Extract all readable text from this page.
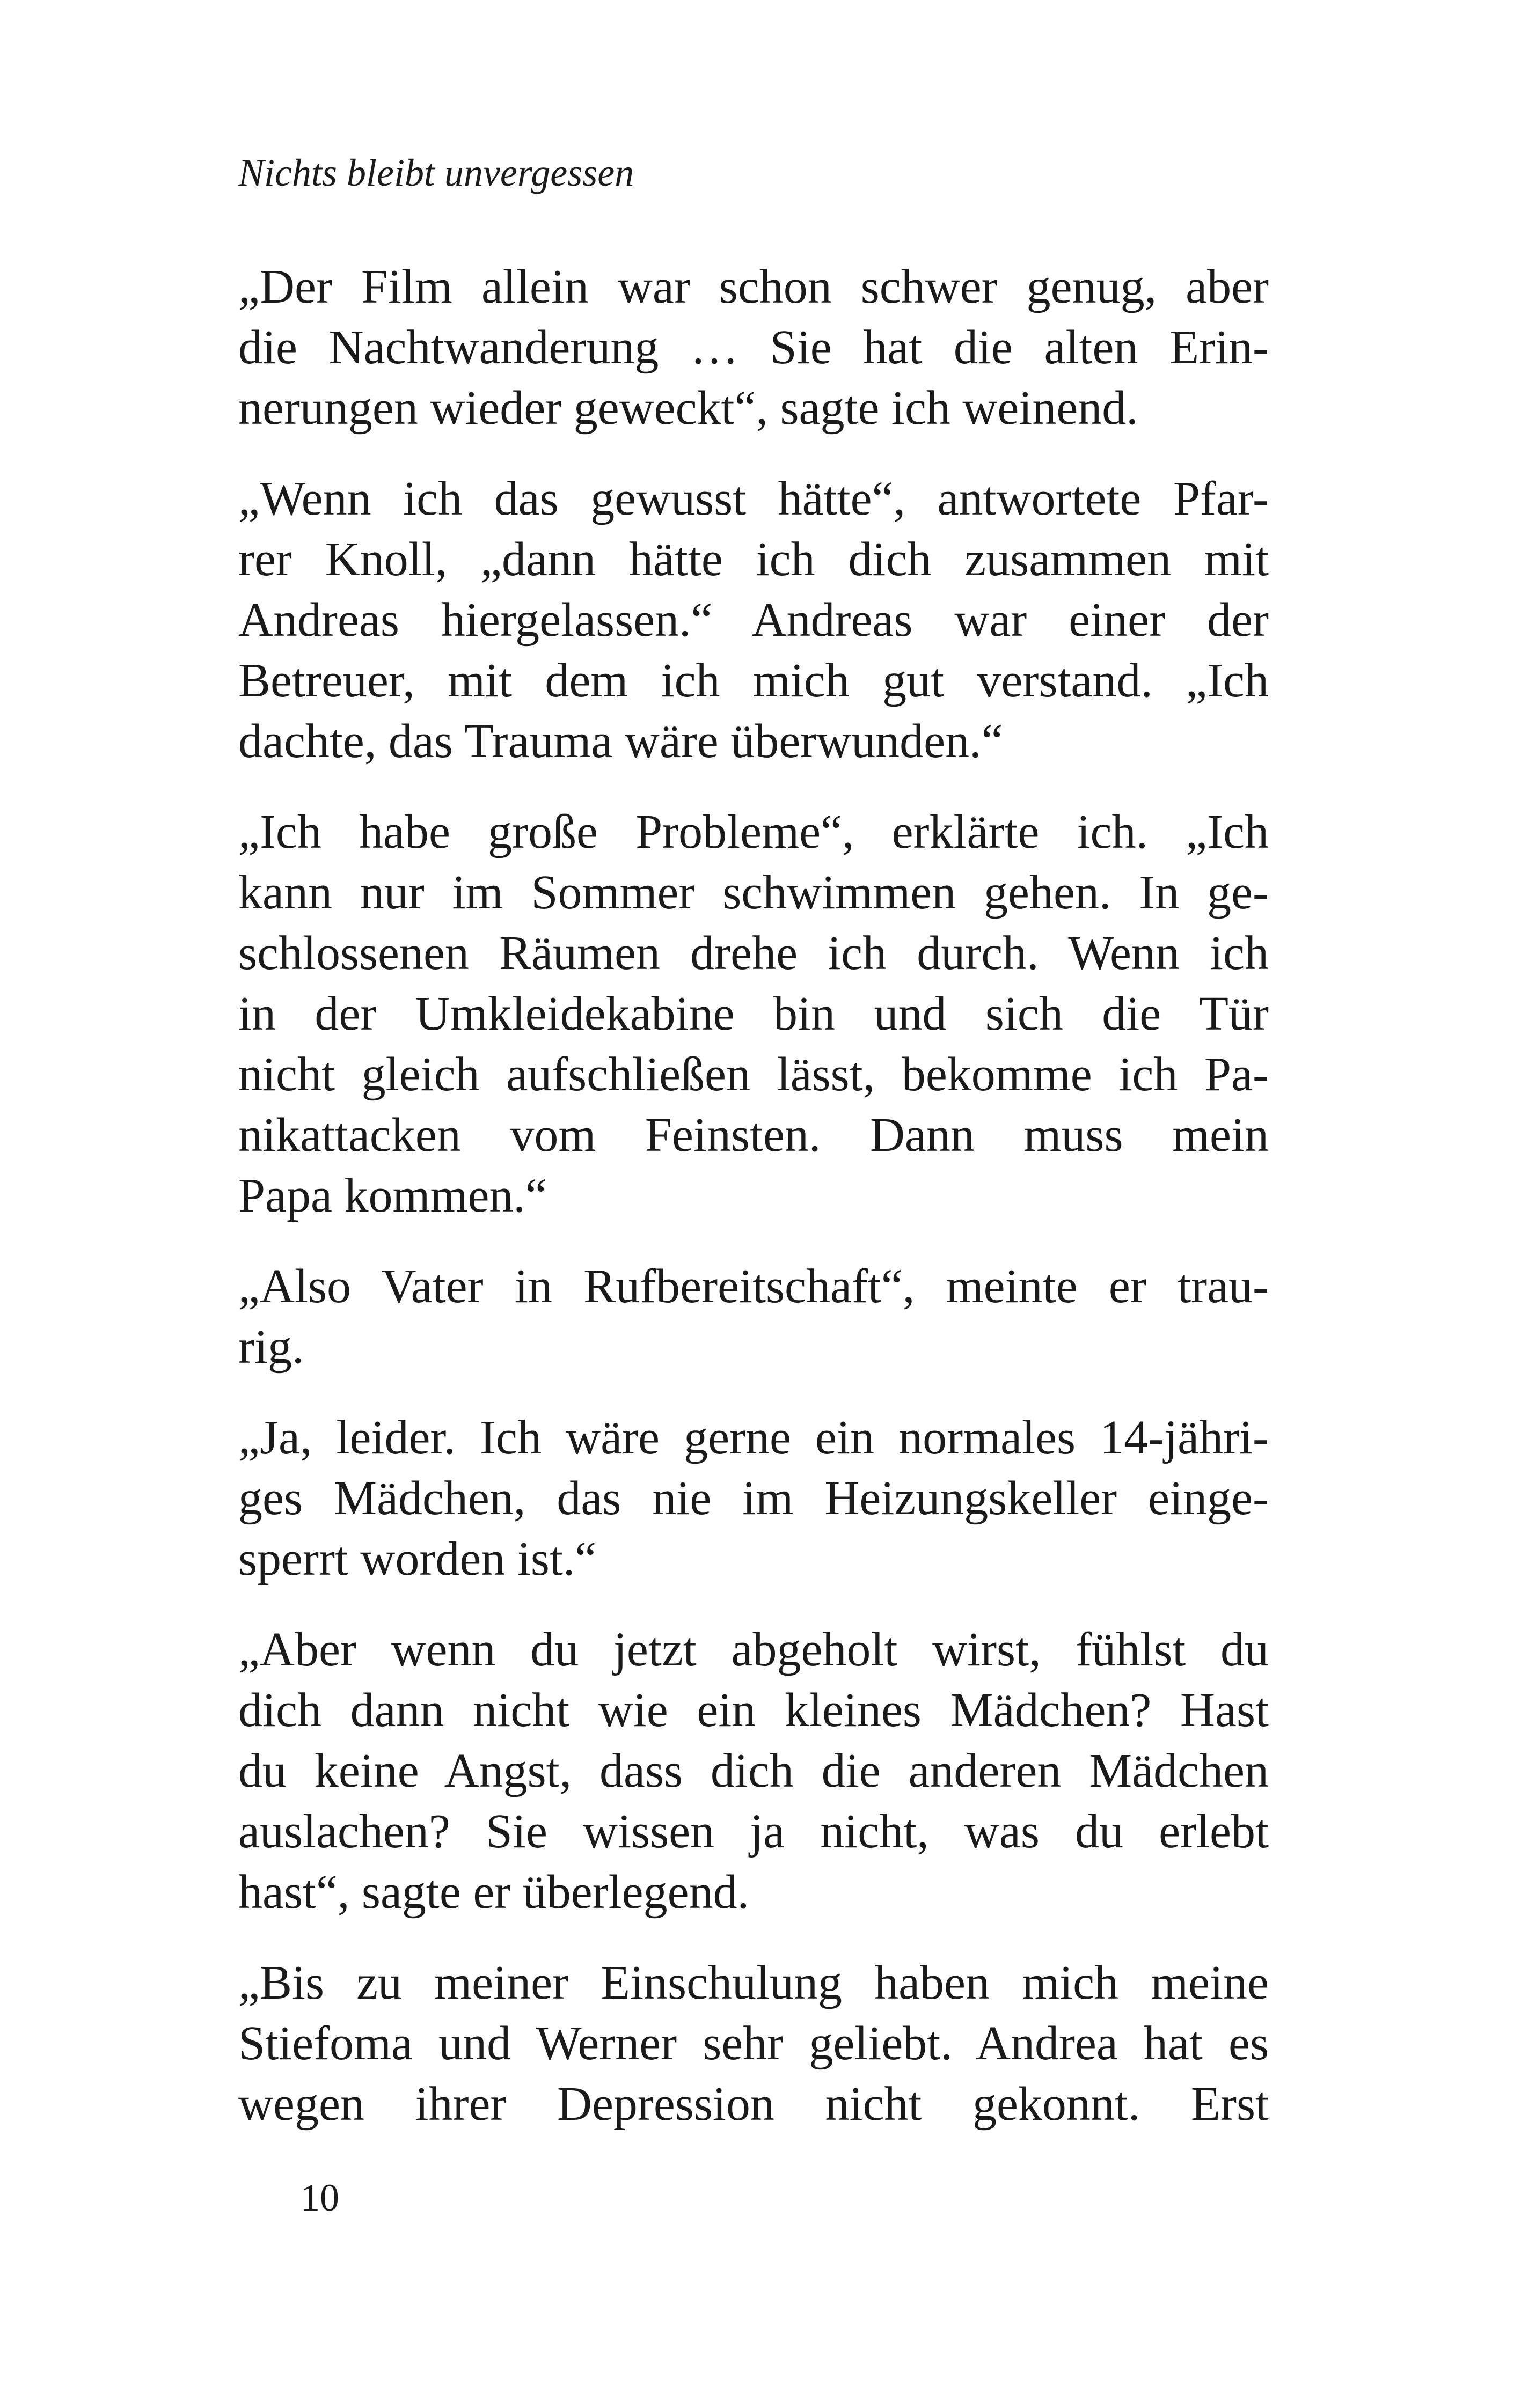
Nichts bleibt unvergessen
„Der Film allein war schon schwer genug, aber
die Nachtwanderung … Sie hat die alten Erin-
nerungen wieder geweckt“, sagte ich weinend.
„Wenn ich das gewusst hätte“, antwortete Pfar-
rer Knoll, „dann hätte ich dich zusammen mit
Andreas hiergelassen.“ Andreas war einer der
Betreuer, mit dem ich mich gut verstand. „Ich
dachte, das Trauma wäre überwunden.“
„Ich habe große Probleme“, erklärte ich. „Ich
kann nur im Sommer schwimmen gehen. In ge-
schlossenen Räumen drehe ich durch. Wenn ich
in der Umkleidekabine bin und sich die Tür
nicht gleich aufschließen lässt, bekomme ich Pa-
nikattacken vom Feinsten. Dann muss mein
Papa kommen.“
„Also Vater in Rufbereitschaft“, meinte er trau-
rig.
„Ja, leider. Ich wäre gerne ein normales 14-jähri-
ges Mädchen, das nie im Heizungskeller einge-
sperrt worden ist.“
„Aber wenn du jetzt abgeholt wirst, fühlst du
dich dann nicht wie ein kleines Mädchen? Hast
du keine Angst, dass dich die anderen Mädchen
auslachen? Sie wissen ja nicht, was du erlebt
hast“, sagte er überlegend.
„Bis zu meiner Einschulung haben mich meine
Stiefoma und Werner sehr geliebt. Andrea hat es
wegen ihrer Depression nicht gekonnt. Erst
10
